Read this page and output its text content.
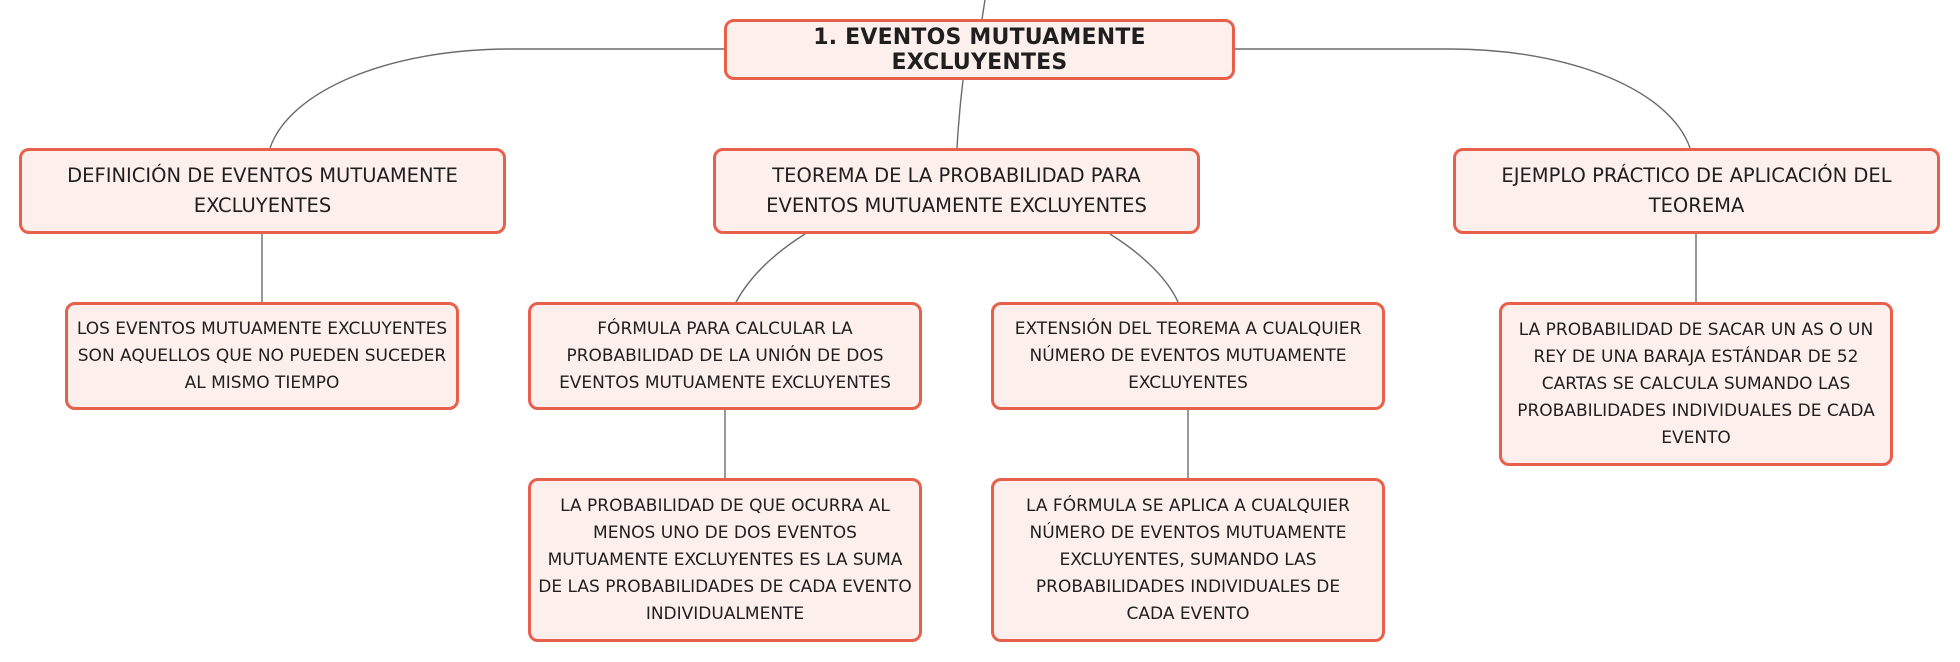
1. EVENTOS MUTUAMENTE EXCLUYENTES
DEFINICIÓN DE EVENTOS MUTUAMENTE EXCLUYENTES
TEOREMA DE LA PROBABILIDAD PARA EVENTOS MUTUAMENTE EXCLUYENTES
EJEMPLO PRÁCTICO DE APLICACIÓN DEL TEOREMA
LOS EVENTOS MUTUAMENTE EXCLUYENTES SON AQUELLOS QUE NO PUEDEN SUCEDER AL MISMO TIEMPO
FÓRMULA PARA CALCULAR LA PROBABILIDAD DE LA UNIÓN DE DOS EVENTOS MUTUAMENTE EXCLUYENTES
EXTENSIÓN DEL TEOREMA A CUALQUIER NÚMERO DE EVENTOS MUTUAMENTE EXCLUYENTES
LA PROBABILIDAD DE SACAR UN AS O UN REY DE UNA BARAJA ESTÁNDAR DE 52 CARTAS SE CALCULA SUMANDO LAS PROBABILIDADES INDIVIDUALES DE CADA EVENTO
LA PROBABILIDAD DE QUE OCURRA AL MENOS UNO DE DOS EVENTOS MUTUAMENTE EXCLUYENTES ES LA SUMA DE LAS PROBABILIDADES DE CADA EVENTO INDIVIDUALMENTE
LA FÓRMULA SE APLICA A CUALQUIER NÚMERO DE EVENTOS MUTUAMENTE EXCLUYENTES, SUMANDO LAS PROBABILIDADES INDIVIDUALES DE CADA EVENTO
